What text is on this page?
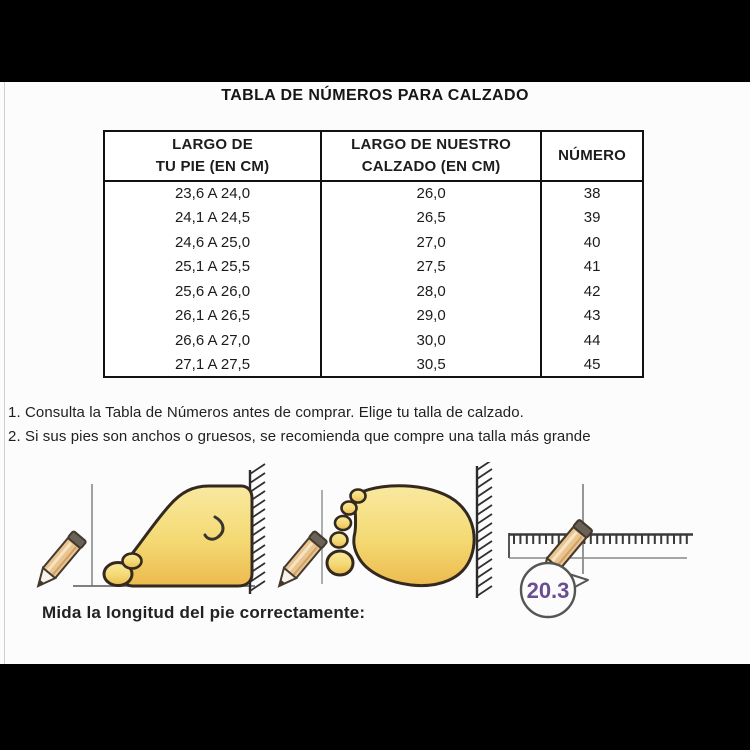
TABLA DE NÚMEROS PARA CALZADO
LARGO DE
TU PIE (EN CM)

LARGO DE NUESTRO
CALZADO (EN CM)

NÚMERO

23,6 A 24,0	26,0	38
24,1 A 24,5	26,5	39
24,6 A 25,0	27,0	40
25,1 A 25,5	27,5	41
25,6 A 26,0	28,0	42
26,1 A 26,5	29,0	43
26,6 A 27,0	30,0	44
27,1 A 27,5	30,5	45
1. Consulta la Tabla de Números antes de comprar. Elige tu talla de calzado.
2. Si sus pies son anchos o gruesos, se recomienda que compre una talla más grande
20.3
Mida la longitud del pie correctamente:
